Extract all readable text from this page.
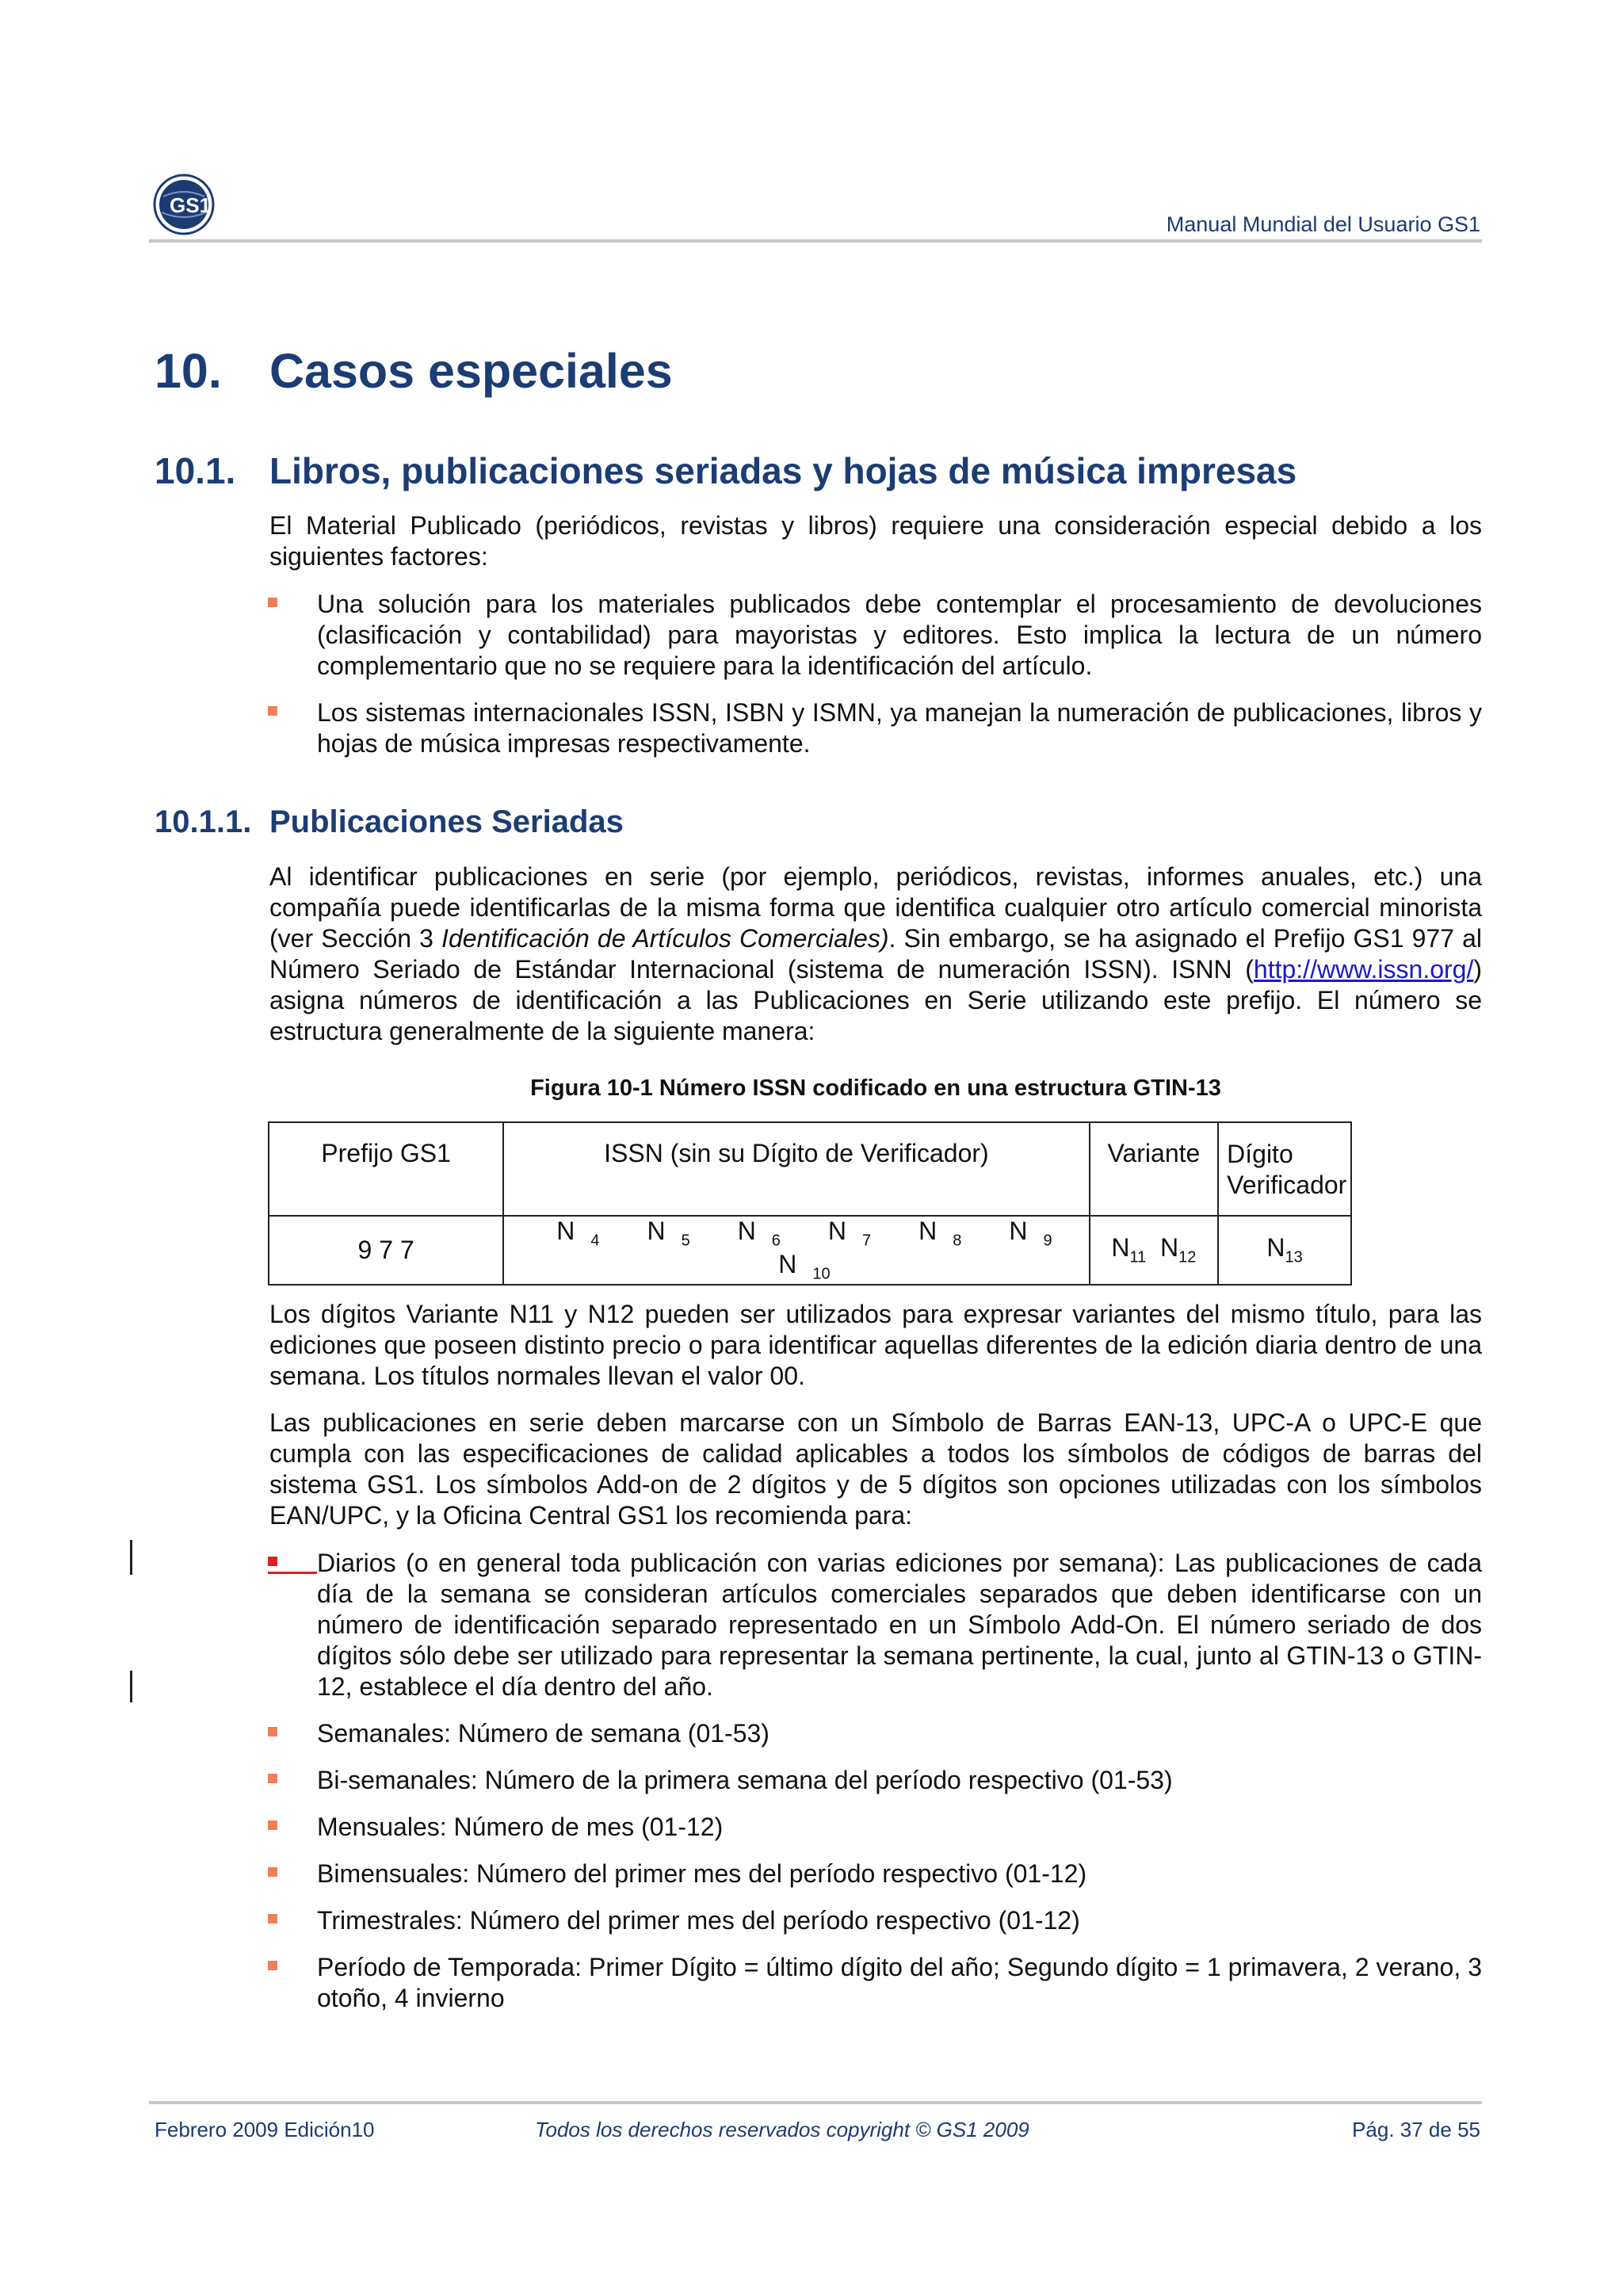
GS1
Manual Mundial del Usuario GS1
10. Casos especiales
10.1. Libros, publicaciones seriadas y hojas de música impresas

El Material Publicado (periódicos, revistas y libros) requiere una consideración especial debido a los siguientes factores:

Una solución para los materiales publicados debe contemplar el procesamiento de devoluciones (clasificación y contabilidad) para mayoristas y editores. Esto implica la lectura de un número complementario que no se requiere para la identificación del artículo.
Los sistemas internacionales ISSN, ISBN y ISMN, ya manejan la numeración de publicaciones, libros y hojas de música impresas respectivamente.
10.1.1. Publicaciones Seriadas

Al identificar publicaciones en serie (por ejemplo, periódicos, revistas, informes anuales, etc.) una compañía puede identificarlas de la misma forma que identifica cualquier otro artículo comercial minorista (ver Sección 3 Identificación de Artículos Comerciales). Sin embargo, se ha asignado el Prefijo GS1 977 al Número Seriado de Estándar Internacional (sistema de numeración ISSN). ISNN (http://www.issn.org/) asigna números de identificación a las Publicaciones en Serie utilizando este prefijo. El número se estructura generalmente de la siguiente manera:

Figura 10-1 Número ISSN codificado en una estructura GTIN-13
Prefijo GS1	ISSN (sin su Dígito de Verificador)	Variante	Dígito
Verificador

9 7 7	N $_4$ N $_5$ N $_6$ N $_7$ N $_8$ N $_9$N $_{10}$	$N_{11}$ $N_{12}$	$N_{13}$

Los dígitos Variante N11 y N12 pueden ser utilizados para expresar variantes del mismo título, para las ediciones que poseen distinto precio o para identificar aquellas diferentes de la edición diaria dentro de una semana. Los títulos normales llevan el valor 00.

Las publicaciones en serie deben marcarse con un Símbolo de Barras EAN-13, UPC-A o UPC-E que cumpla con las especificaciones de calidad aplicables a todos los símbolos de códigos de barras del sistema GS1. Los símbolos Add-on de 2 dígitos y de 5 dígitos son opciones utilizadas con los símbolos EAN/UPC, y la Oficina Central GS1 los recomienda para:

Diarios (o en general toda publicación con varias ediciones por semana): Las publicaciones de cada día de la semana se consideran artículos comerciales separados que deben identificarse con un número de identificación separado representado en un Símbolo Add-On. El número seriado de dos dígitos sólo debe ser utilizado para representar la semana pertinente, la cual, junto al GTIN-13 o GTIN-12, establece el día dentro del año.
Semanales: Número de semana (01-53)
Bi-semanales: Número de la primera semana del período respectivo (01-53)
Mensuales: Número de mes (01-12)
Bimensuales: Número del primer mes del período respectivo (01-12)
Trimestrales: Número del primer mes del período respectivo (01-12)
Período de Temporada: Primer Dígito = último dígito del año; Segundo dígito = 1 primavera, 2 verano, 3 otoño, 4 invierno
Febrero 2009 Edición10	Todos los derechos reservados copyright © GS1 2009	Pág. 37 de 55
